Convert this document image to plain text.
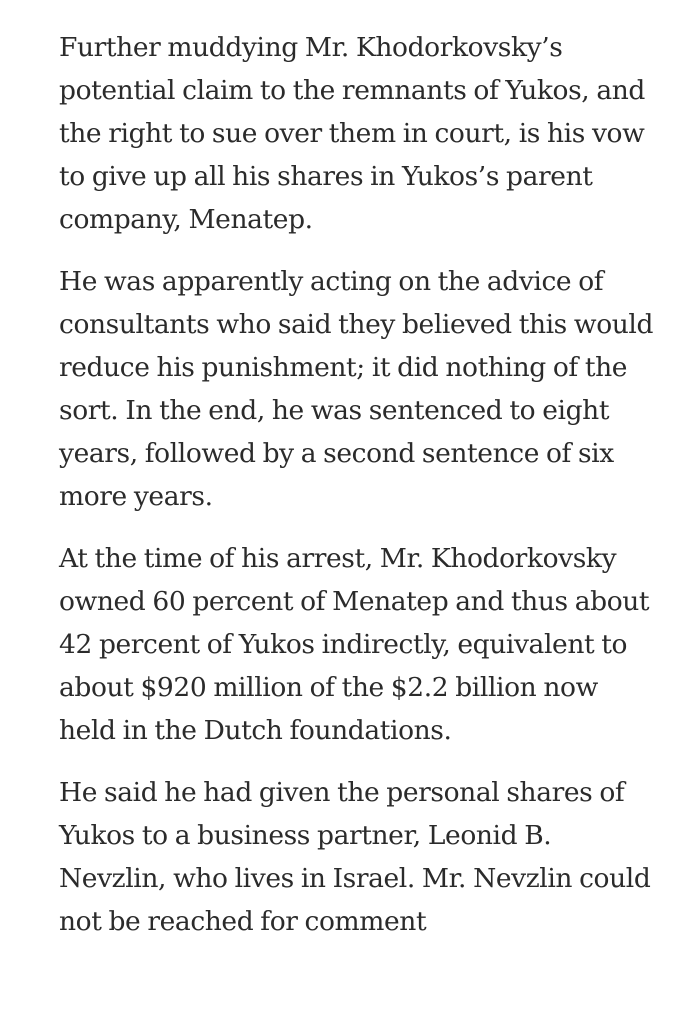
Further muddying Mr. Khodorkovsky’s potential claim to the remnants of Yukos, and the right to sue over them in court, is his vow to give up all his shares in Yukos’s parent company, Menatep.

He was apparently acting on the advice of consultants who said they believed this would reduce his punishment; it did nothing of the sort. In the end, he was sentenced to eight years, followed by a second sentence of six more years.

At the time of his arrest, Mr. Khodorkovsky owned 60 percent of Menatep and thus about 42 percent of Yukos indirectly, equivalent to about $920 million of the $2.2 billion now held in the Dutch foundations.

He said he had given the personal shares of Yukos to a business partner, Leonid B. Nevzlin, who lives in Israel. Mr. Nevzlin could not be reached for comment
